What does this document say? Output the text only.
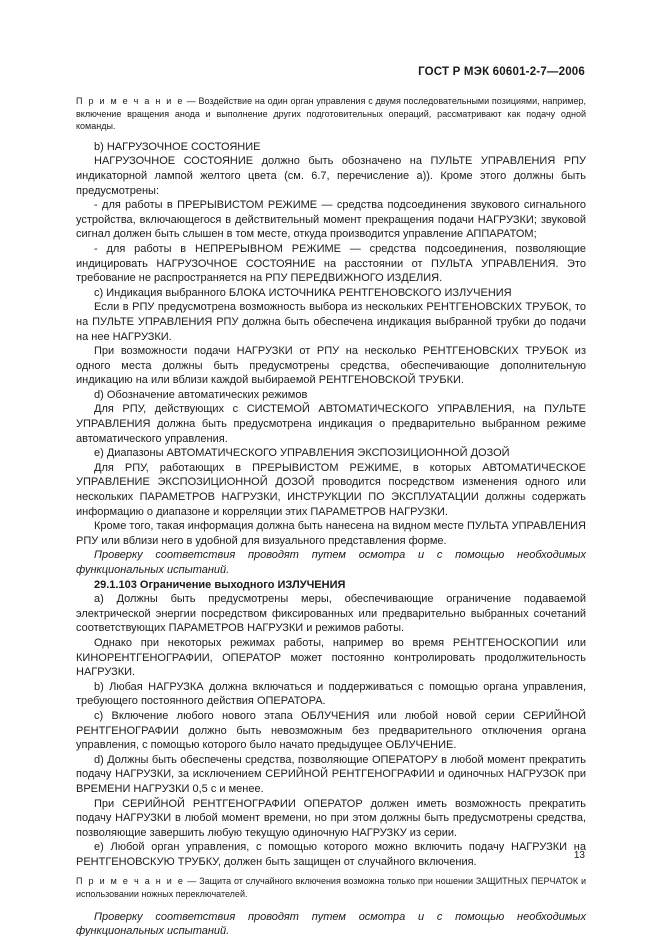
ГОСТ Р МЭК 60601-2-7—2006

П р и м е ч а н и е — Воздействие на один орган управления с двумя последовательными позициями, например, включение вращения анода и выполнение других подготовительных операций, рассматривают как подачу одной команды.

b) НАГРУЗОЧНОЕ СОСТОЯНИЕ

НАГРУЗОЧНОЕ СОСТОЯНИЕ должно быть обозначено на ПУЛЬТЕ УПРАВЛЕНИЯ РПУ индикаторной лампой желтого цвета (см. 6.7, перечисление а)). Кроме этого должны быть предусмотрены:

- для работы в ПРЕРЫВИСТОМ РЕЖИМЕ — средства подсоединения звукового сигнального устройства, включающегося в действительный момент прекращения подачи НАГРУЗКИ; звуковой сигнал должен быть слышен в том месте, откуда производится управление АППАРАТОМ;

- для работы в НЕПРЕРЫВНОМ РЕЖИМЕ — средства подсоединения, позволяющие индицировать НАГРУЗОЧНОЕ СОСТОЯНИЕ на расстоянии от ПУЛЬТА УПРАВЛЕНИЯ. Это требование не распространяется на РПУ ПЕРЕДВИЖНОГО ИЗДЕЛИЯ.

с) Индикация выбранного БЛОКА ИСТОЧНИКА РЕНТГЕНОВСКОГО ИЗЛУЧЕНИЯ

Если в РПУ предусмотрена возможность выбора из нескольких РЕНТГЕНОВСКИХ ТРУБОК, то на ПУЛЬТЕ УПРАВЛЕНИЯ РПУ должна быть обеспечена индикация выбранной трубки до подачи на нее НАГРУЗКИ.

При возможности подачи НАГРУЗКИ от РПУ на несколько РЕНТГЕНОВСКИХ ТРУБОК из одного места должны быть предусмотрены средства, обеспечивающие дополнительную индикацию на или вблизи каждой выбираемой РЕНТГЕНОВСКОЙ ТРУБКИ.

d) Обозначение автоматических режимов

Для РПУ, действующих с СИСТЕМОЙ АВТОМАТИЧЕСКОГО УПРАВЛЕНИЯ, на ПУЛЬТЕ УПРАВЛЕНИЯ должна быть предусмотрена индикация о предварительно выбранном режиме автоматического управления.

е) Диапазоны АВТОМАТИЧЕСКОГО УПРАВЛЕНИЯ ЭКСПОЗИЦИОННОЙ ДОЗОЙ

Для РПУ, работающих в ПРЕРЫВИСТОМ РЕЖИМЕ, в которых АВТОМАТИЧЕСКОЕ УПРАВЛЕНИЕ ЭКСПОЗИЦИОННОЙ ДОЗОЙ проводится посредством изменения одного или нескольких ПАРАМЕТРОВ НАГРУЗКИ, ИНСТРУКЦИИ ПО ЭКСПЛУАТАЦИИ должны содержать информацию о диапазоне и корреляции этих ПАРАМЕТРОВ НАГРУЗКИ.

Кроме того, такая информация должна быть нанесена на видном месте ПУЛЬТА УПРАВЛЕНИЯ РПУ или вблизи него в удобной для визуального представления форме.

Проверку соответствия проводят путем осмотра и с помощью необходимых функциональных испытаний.

29.1.103 Ограничение выходного ИЗЛУЧЕНИЯ

а) Должны быть предусмотрены меры, обеспечивающие ограничение подаваемой электрической энергии посредством фиксированных или предварительно выбранных сочетаний соответствующих ПАРАМЕТРОВ НАГРУЗКИ и режимов работы.

Однако при некоторых режимах работы, например во время РЕНТГЕНОСКОПИИ или КИНОРЕНТГЕНОГРАФИИ, ОПЕРАТОР может постоянно контролировать продолжительность НАГРУЗКИ.

b) Любая НАГРУЗКА должна включаться и поддерживаться с помощью органа управления, требующего постоянного действия ОПЕРАТОРА.

с) Включение любого нового этапа ОБЛУЧЕНИЯ или любой новой серии СЕРИЙНОЙ РЕНТГЕНОГРАФИИ должно быть невозможным без предварительного отключения органа управления, с помощью которого было начато предыдущее ОБЛУЧЕНИЕ.

d) Должны быть обеспечены средства, позволяющие ОПЕРАТОРУ в любой момент прекратить подачу НАГРУЗКИ, за исключением СЕРИЙНОЙ РЕНТГЕНОГРАФИИ и одиночных НАГРУЗОК при ВРЕМЕНИ НАГРУЗКИ 0,5 с и менее.

При СЕРИЙНОЙ РЕНТГЕНОГРАФИИ ОПЕРАТОР должен иметь возможность прекратить подачу НАГРУЗКИ в любой момент времени, но при этом должны быть предусмотрены средства, позволяющие завершить любую текущую одиночную НАГРУЗКУ из серии.

е) Любой орган управления, с помощью которого можно включить подачу НАГРУЗКИ на РЕНТГЕНОВСКУЮ ТРУБКУ, должен быть защищен от случайного включения.

П р и м е ч а н и е — Защита от случайного включения возможна только при ношении ЗАЩИТНЫХ ПЕРЧАТОК и использовании ножных переключателей.

Проверку соответствия проводят путем осмотра и с помощью необходимых функциональных испытаний.

13
